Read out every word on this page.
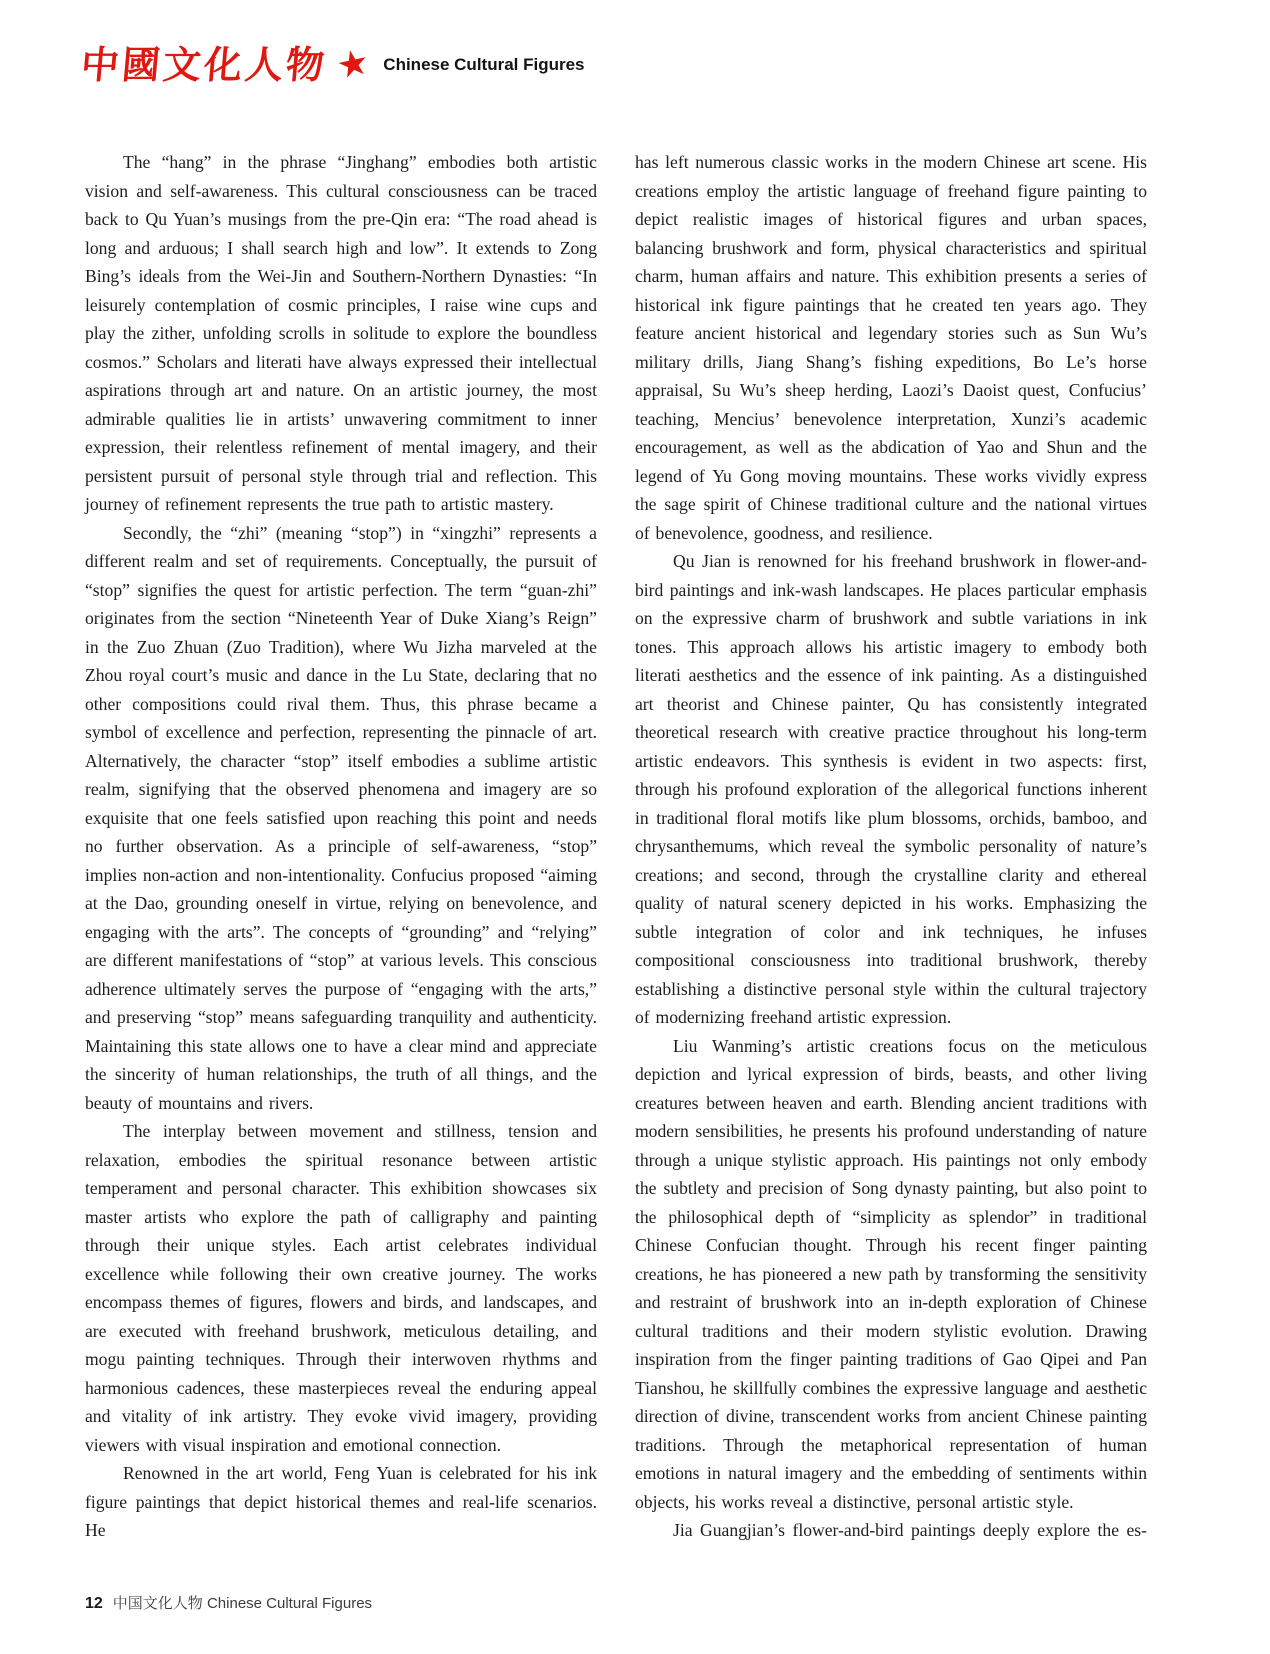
中國文化人物 ★ Chinese Cultural Figures

The “hang” in the phrase “Jinghang” embodies both artistic vision and self-awareness. This cultural consciousness can be traced back to Qu Yuan’s musings from the pre-Qin era: “The road ahead is long and arduous; I shall search high and low”. It extends to Zong Bing’s ideals from the Wei-Jin and Southern-Northern Dynasties: “In leisurely contemplation of cosmic principles, I raise wine cups and play the zither, unfolding scrolls in solitude to explore the boundless cosmos.” Scholars and literati have always expressed their intellectual aspirations through art and nature. On an artistic journey, the most admirable qualities lie in artists’ unwavering commitment to inner expression, their relentless refinement of mental imagery, and their persistent pursuit of personal style through trial and reflection. This journey of refinement represents the true path to artistic mastery.

Secondly, the “zhi” (meaning “stop”) in “xingzhi” represents a different realm and set of requirements. Conceptually, the pursuit of “stop” signifies the quest for artistic perfection. The term “guan-zhi” originates from the section “Nineteenth Year of Duke Xiang’s Reign” in the Zuo Zhuan (Zuo Tradition), where Wu Jizha marveled at the Zhou royal court’s music and dance in the Lu State, declaring that no other compositions could rival them. Thus, this phrase became a symbol of excellence and perfection, representing the pinnacle of art. Alternatively, the character “stop” itself embodies a sublime artistic realm, signifying that the observed phenomena and imagery are so exquisite that one feels satisfied upon reaching this point and needs no further observation. As a principle of self-awareness, “stop” implies non-action and non-intentionality. Confucius proposed “aiming at the Dao, grounding oneself in virtue, relying on benevolence, and engaging with the arts”. The concepts of “grounding” and “relying” are different manifestations of “stop” at various levels. This conscious adherence ultimately serves the purpose of “engaging with the arts,” and preserving “stop” means safeguarding tranquility and authenticity. Maintaining this state allows one to have a clear mind and appreciate the sincerity of human relationships, the truth of all things, and the beauty of mountains and rivers.

The interplay between movement and stillness, tension and relaxation, embodies the spiritual resonance between artistic temperament and personal character. This exhibition showcases six master artists who explore the path of calligraphy and painting through their unique styles. Each artist celebrates individual excellence while following their own creative journey. The works encompass themes of figures, flowers and birds, and landscapes, and are executed with freehand brushwork, meticulous detailing, and mogu painting techniques. Through their interwoven rhythms and harmonious cadences, these masterpieces reveal the enduring appeal and vitality of ink artistry. They evoke vivid imagery, providing viewers with visual inspiration and emotional connection.

Renowned in the art world, Feng Yuan is celebrated for his ink figure paintings that depict historical themes and real-life scenarios. He

has left numerous classic works in the modern Chinese art scene. His creations employ the artistic language of freehand figure painting to depict realistic images of historical figures and urban spaces, balancing brushwork and form, physical characteristics and spiritual charm, human affairs and nature. This exhibition presents a series of historical ink figure paintings that he created ten years ago. They feature ancient historical and legendary stories such as Sun Wu’s military drills, Jiang Shang’s fishing expeditions, Bo Le’s horse appraisal, Su Wu’s sheep herding, Laozi’s Daoist quest, Confucius’ teaching, Mencius’ benevolence interpretation, Xunzi’s academic encouragement, as well as the abdication of Yao and Shun and the legend of Yu Gong moving mountains. These works vividly express the sage spirit of Chinese traditional culture and the national virtues of benevolence, goodness, and resilience.

Qu Jian is renowned for his freehand brushwork in flower-and-bird paintings and ink-wash landscapes. He places particular emphasis on the expressive charm of brushwork and subtle variations in ink tones. This approach allows his artistic imagery to embody both literati aesthetics and the essence of ink painting. As a distinguished art theorist and Chinese painter, Qu has consistently integrated theoretical research with creative practice throughout his long-term artistic endeavors. This synthesis is evident in two aspects: first, through his profound exploration of the allegorical functions inherent in traditional floral motifs like plum blossoms, orchids, bamboo, and chrysanthemums, which reveal the symbolic personality of nature’s creations; and second, through the crystalline clarity and ethereal quality of natural scenery depicted in his works. Emphasizing the subtle integration of color and ink techniques, he infuses compositional consciousness into traditional brushwork, thereby establishing a distinctive personal style within the cultural trajectory of modernizing freehand artistic expression.

Liu Wanming’s artistic creations focus on the meticulous depiction and lyrical expression of birds, beasts, and other living creatures between heaven and earth. Blending ancient traditions with modern sensibilities, he presents his profound understanding of nature through a unique stylistic approach. His paintings not only embody the subtlety and precision of Song dynasty painting, but also point to the philosophical depth of “simplicity as splendor” in traditional Chinese Confucian thought. Through his recent finger painting creations, he has pioneered a new path by transforming the sensitivity and restraint of brushwork into an in-depth exploration of Chinese cultural traditions and their modern stylistic evolution. Drawing inspiration from the finger painting traditions of Gao Qipei and Pan Tianshou, he skillfully combines the expressive language and aesthetic direction of divine, transcendent works from ancient Chinese painting traditions. Through the metaphorical representation of human emotions in natural imagery and the embedding of sentiments within objects, his works reveal a distinctive, personal artistic style.

Jia Guangjian’s flower-and-bird paintings deeply explore the es-

12 中国文化人物 Chinese Cultural Figures
